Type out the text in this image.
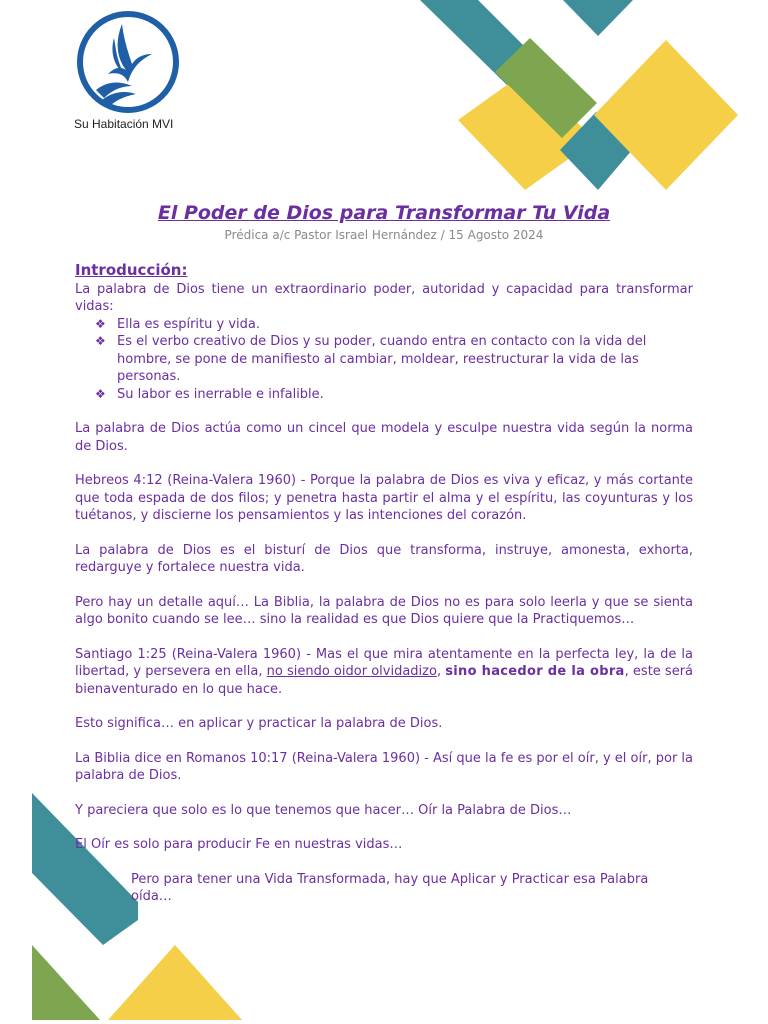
Su Habitación MVI
El Poder de Dios para Transformar Tu Vida
Prédica a/c Pastor Israel Hernández / 15 Agosto 2024
Introducción:

La palabra de Dios tiene un extraordinario poder, autoridad y capacidad para transformar vidas:

❖ Ella es espíritu y vida.
❖ Es el verbo creativo de Dios y su poder, cuando entra en contacto con la vida del hombre, se pone de manifiesto al cambiar, moldear, reestructurar la vida de las personas.
❖ Su labor es inerrable e infalible.

La palabra de Dios actúa como un cincel que modela y esculpe nuestra vida según la norma de Dios.

Hebreos 4:12 (Reina-Valera 1960) - Porque la palabra de Dios es viva y eficaz, y más cortante que toda espada de dos filos; y penetra hasta partir el alma y el espíritu, las coyunturas y los tuétanos, y discierne los pensamientos y las intenciones del corazón.

La palabra de Dios es el bisturí de Dios que transforma, instruye, amonesta, exhorta, redarguye y fortalece nuestra vida.

Pero hay un detalle aquí… La Biblia, la palabra de Dios no es para solo leerla y que se sienta algo bonito cuando se lee… sino la realidad es que Dios quiere que la Practiquemos…

Santiago 1:25 (Reina-Valera 1960) - Mas el que mira atentamente en la perfecta ley, la de la libertad, y persevera en ella, no siendo oidor olvidadizo, sino hacedor de la obra, este será bienaventurado en lo que hace.

Esto significa… en aplicar y practicar la palabra de Dios.

La Biblia dice en Romanos 10:17 (Reina-Valera 1960) - Así que la fe es por el oír, y el oír, por la palabra de Dios.

Y pareciera que solo es lo que tenemos que hacer… Oír la Palabra de Dios…

El Oír es solo para producir Fe en nuestras vidas…

Pero para tener una Vida Transformada, hay que Aplicar y Practicar esa Palabra oída…
